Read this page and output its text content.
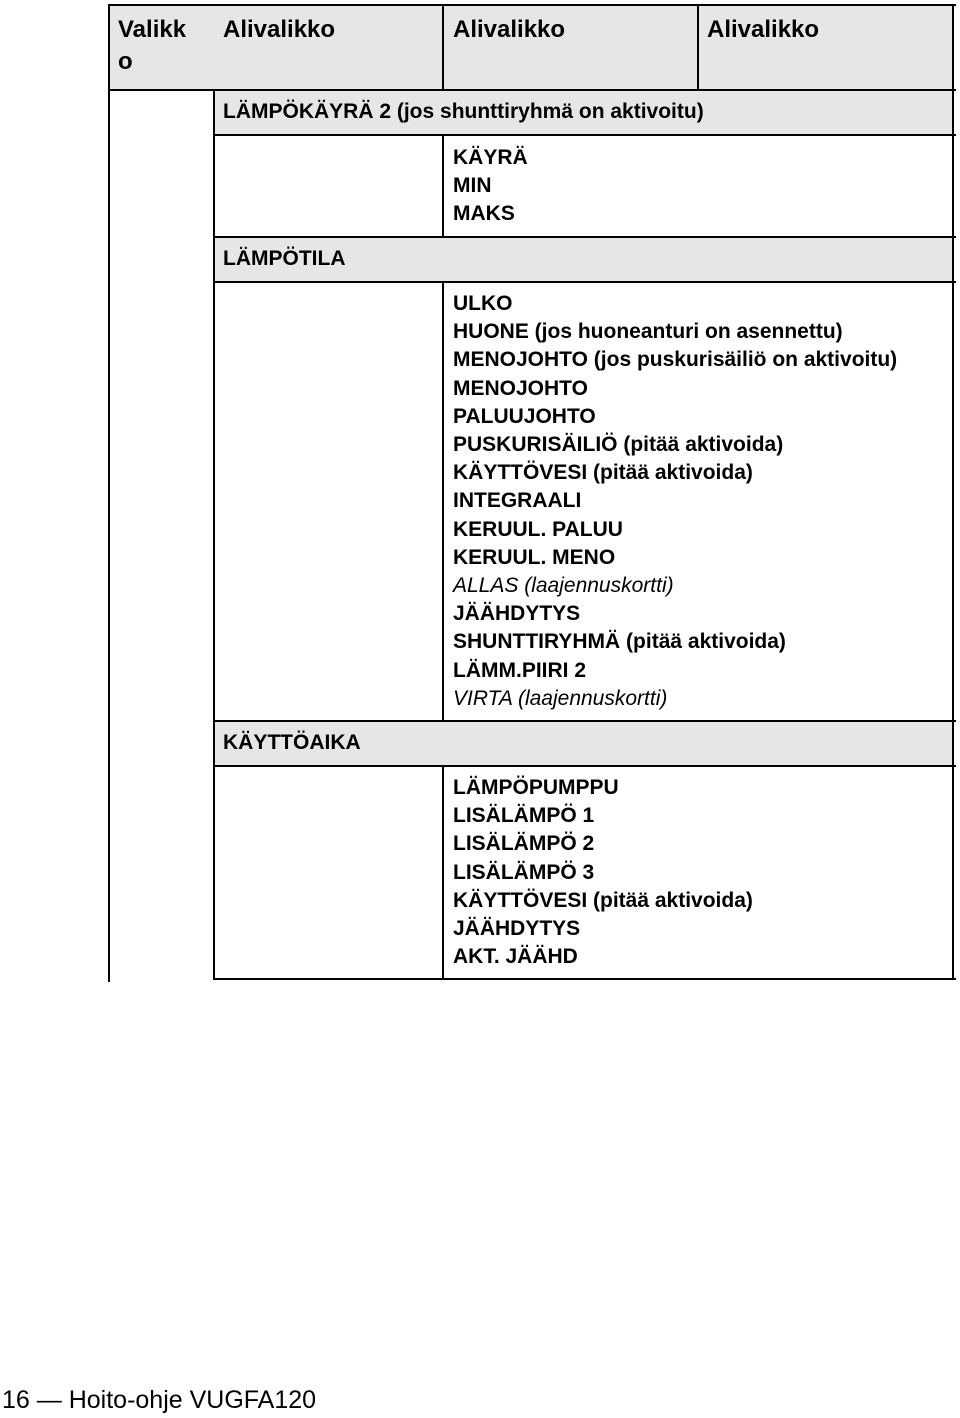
Valikko
Alivalikko	Alivalikko	Alivalikko
LÄMPÖKÄYRÄ 2 (jos shunttiryhmä on aktivoitu)
KÄYRÄ
MIN
MAKS
LÄMPÖTILA
ULKO
HUONE (jos huoneanturi on asennettu)
MENOJOHTO (jos puskurisäiliö on aktivoitu)
MENOJOHTO
PALUUJOHTO
PUSKURISÄILIÖ (pitää aktivoida)
KÄYTTÖVESI (pitää aktivoida)
INTEGRAALI
KERUUL. PALUU
KERUUL. MENO
ALLAS (laajennuskortti)
JÄÄHDYTYS
SHUNTTIRYHMÄ (pitää aktivoida)
LÄMM.PIIRI 2
VIRTA (laajennuskortti)
KÄYTTÖAIKA
LÄMPÖPUMPPU
LISÄLÄMPÖ 1
LISÄLÄMPÖ 2
LISÄLÄMPÖ 3
KÄYTTÖVESI (pitää aktivoida)
JÄÄHDYTYS
AKT. JÄÄHD
16 — Hoito-ohje VUGFA120
